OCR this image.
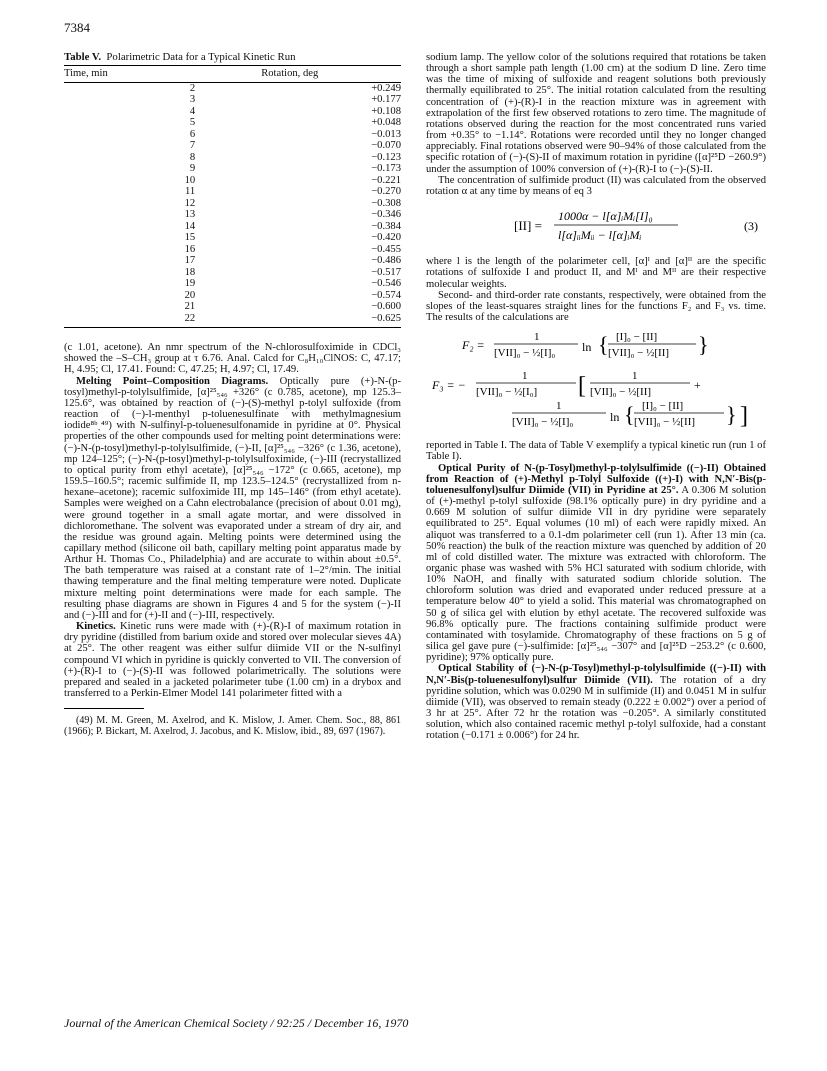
7384
Table V. Polarimetric Data for a Typical Kinetic Run
Time, min	Rotation, deg
2	+0.249
3	+0.177
4	+0.108
5	+0.048
6	−0.013
7	−0.070
8	−0.123
9	−0.173
10	−0.221
11	−0.270
12	−0.308
13	−0.346
14	−0.384
15	−0.420
16	−0.455
17	−0.486
18	−0.517
19	−0.546
20	−0.574
21	−0.600
22	−0.625

(c 1.01, acetone). An nmr spectrum of the N-chlorosulfoximide in CDCl₃ showed the –S–CH₃ group at τ 6.76. Anal. Calcd for C₈H₁₀ClNOS: C, 47.17; H, 4.95; Cl, 17.41. Found: C, 47.25; H, 4.97; Cl, 17.49.

Melting Point–Composition Diagrams. Optically pure (+)-N-(p-tosyl)methyl-p-tolylsulfimide, [α]²⁵₅₄₆ +326° (c 0.785, acetone), mp 125.3–125.6°, was obtained by reaction of (−)-(S)-methyl p-tolyl sulfoxide (from reaction of (−)-l-menthyl p-toluenesulfinate with methylmagnesium iodide⁸ᵇˎ⁴⁹) with N-sulfinyl-p-toluenesulfonamide in pyridine at 0°. Physical properties of the other compounds used for melting point determinations were: (−)-N-(p-tosyl)methyl-p-tolylsulfimide, (−)-II, [α]²⁵₅₄₆ −326° (c 1.36, acetone), mp 124–125°; (−)-N-(p-tosyl)methyl-p-tolylsulfoximide, (−)-III (recrystallized to optical purity from ethyl acetate), [α]²⁵₅₄₆ −172° (c 0.665, acetone), mp 159.5–160.5°; racemic sulfimide II, mp 123.5–124.5° (recrystallized from n-hexane–acetone); racemic sulfoximide III, mp 145–146° (from ethyl acetate). Samples were weighed on a Cahn electrobalance (precision of about 0.01 mg), were ground together in a small agate mortar, and were dissolved in dichloromethane. The solvent was evaporated under a stream of dry air, and the residue was ground again. Melting points were determined using the capillary method (silicone oil bath, capillary melting point apparatus made by Arthur H. Thomas Co., Philadelphia) and are accurate to within about ±0.5°. The bath temperature was raised at a constant rate of 1–2°/min. The initial thawing temperature and the final melting temperature were noted. Duplicate mixture melting point determinations were made for each sample. The resulting phase diagrams are shown in Figures 4 and 5 for the system (−)-II and (−)-III and for (+)-II and (−)-III, respectively.

Kinetics. Kinetic runs were made with (+)-(R)-I of maximum rotation in dry pyridine (distilled from barium oxide and stored over molecular sieves 4A) at 25°. The other reagent was either sulfur diimide VII or the N-sulfinyl compound VI which in pyridine is quickly converted to VII. The conversion of (+)-(R)-I to (−)-(S)-II was followed polarimetrically. The solutions were prepared and sealed in a jacketed polarimeter tube (1.00 cm) in a drybox and transferred to a Perkin-Elmer Model 141 polarimeter fitted with a

(49) M. M. Green, M. Axelrod, and K. Mislow, J. Amer. Chem. Soc., 88, 861 (1966); P. Bickart, M. Axelrod, J. Jacobus, and K. Mislow, ibid., 89, 697 (1967).

sodium lamp. The yellow color of the solutions required that rotations be taken through a short sample path length (1.00 cm) at the sodium D line. Zero time was the time of mixing of sulfoxide and reagent solutions both previously thermally equilibrated to 25°. The initial rotation calculated from the resulting concentration of (+)-(R)-I in the reaction mixture was in agreement with extrapolation of the first few observed rotations to zero time. The magnitude of rotations observed during the reaction for the most concentrated runs varied from +0.35° to −1.14°. Rotations were recorded until they no longer changed appreciably. Final rotations observed were 90–94% of those calculated from the specific rotation of (−)-(S)-II of maximum rotation in pyridine ([α]²⁵D −260.9°) under the assumption of 100% conversion of (+)-(R)-I to (−)-(S)-II.

The concentration of sulfimide product (II) was calculated from the observed rotation α at any time by means of eq 3

[II] =
1000α − l[α]ᵢMᵢ[I]₀
l[α]ᵢᵢMᵢᵢ − l[α]ᵢMᵢ
(3)

where l is the length of the polarimeter cell, [α]ᴵ and [α]ᴵᴵ are the specific rotations of sulfoxide I and product II, and Mᴵ and Mᴵᴵ are their respective molecular weights.

Second- and third-order rate constants, respectively, were obtained from the slopes of the least-squares straight lines for the functions F₂ and F₃ vs. time. The results of the calculations are

F₂ =
1
[VII]₀ − ½[I]₀ ln { [I]₀ − [II]
[VII]₀ − ½[II] }
F₃ = −
1
[VII]₀ − ½[I₀] [	1
[VII]₀ − ½[II]	+
1
[VII]₀ − ½[I]₀	ln { [I]₀ − [II]
[VII]₀ − ½[II] } ]

reported in Table I. The data of Table V exemplify a typical kinetic run (run 1 of Table I).

Optical Purity of N-(p-Tosyl)methyl-p-tolylsulfimide ((−)-II) Obtained from Reaction of (+)-Methyl p-Tolyl Sulfoxide ((+)-I) with N,N′-Bis(p-toluenesulfonyl)sulfur Diimide (VII) in Pyridine at 25°. A 0.306 M solution of (+)-methyl p-tolyl sulfoxide (98.1% optically pure) in dry pyridine and a 0.669 M solution of sulfur diimide VII in dry pyridine were separately equilibrated to 25°. Equal volumes (10 ml) of each were rapidly mixed. An aliquot was transferred to a 0.1-dm polarimeter cell (run 1). After 13 min (ca. 50% reaction) the bulk of the reaction mixture was quenched by addition of 20 ml of cold distilled water. The mixture was extracted with chloroform. The organic phase was washed with 5% HCl saturated with sodium chloride, with 10% NaOH, and finally with saturated sodium chloride solution. The chloroform solution was dried and evaporated under reduced pressure at a temperature below 40° to yield a solid. This material was chromatographed on 50 g of silica gel with elution by ethyl acetate. The recovered sulfoxide was 96.8% optically pure. The fractions containing sulfimide product were contaminated with tosylamide. Chromatography of these fractions on 5 g of silica gel gave pure (−)-sulfimide: [α]²⁵₅₄₆ −307° and [α]²⁵D −253.2° (c 0.600, pyridine); 97% optically pure.

Optical Stability of (−)-N-(p-Tosyl)methyl-p-tolylsulfimide ((−)-II) with N,N′-Bis(p-toluenesulfonyl)sulfur Diimide (VII). The rotation of a dry pyridine solution, which was 0.0290 M in sulfimide (II) and 0.0451 M in sulfur diimide (VII), was observed to remain steady (0.222 ± 0.002°) over a period of 3 hr at 25°. After 72 hr the rotation was −0.205°. A similarly constituted solution, which also contained racemic methyl p-tolyl sulfoxide, had a constant rotation (−0.171 ± 0.006°) for 24 hr.

Journal of the American Chemical Society / 92:25 / December 16, 1970
